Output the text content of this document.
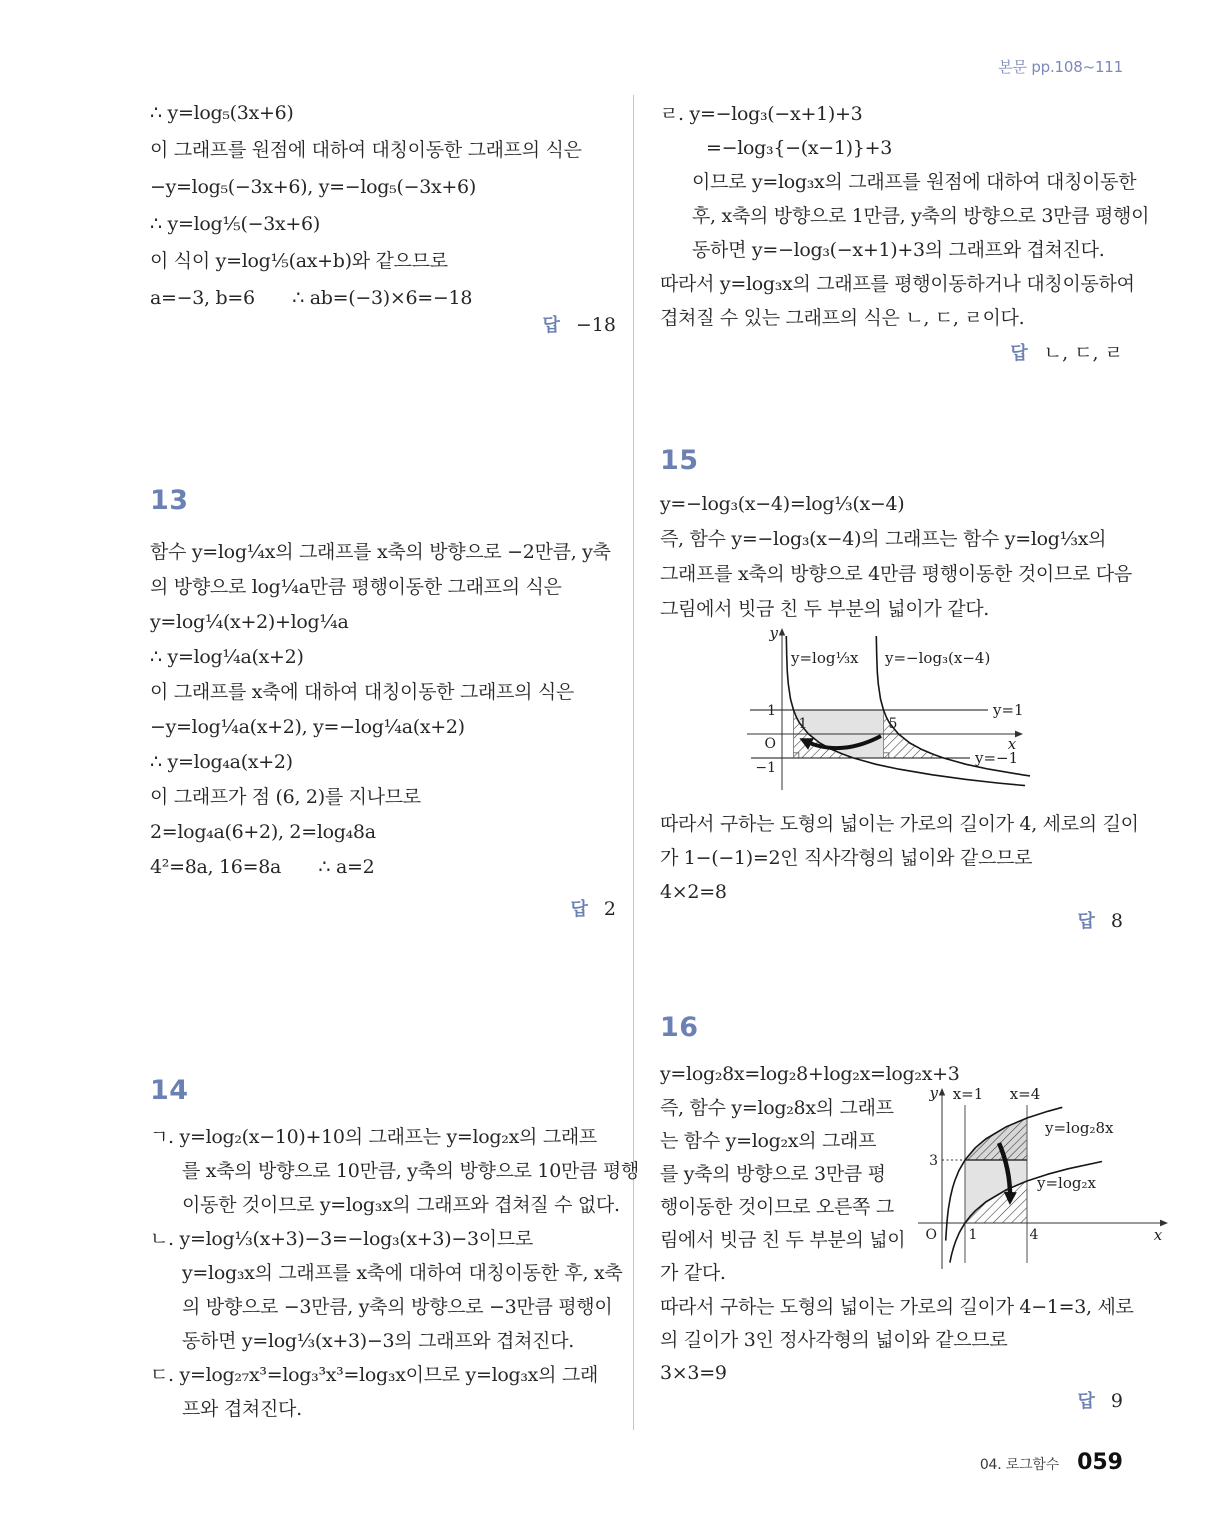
본문 pp.108~111
∴ y=log₅(3x+6)
이 그래프를 원점에 대하여 대칭이동한 그래프의 식은
−y=log₅(−3x+6), y=−log₅(−3x+6)
∴ y=log⅕(−3x+6)
이 식이 y=log⅕(ax+b)와 같으므로
a=−3, b=6  ∴ ab=(−3)×6=−18
답 −18
13
함수 y=log¼x의 그래프를 x축의 방향으로 −2만큼, y축
의 방향으로 log¼a만큼 평행이동한 그래프의 식은
y=log¼(x+2)+log¼a
∴ y=log¼a(x+2)
이 그래프를 x축에 대하여 대칭이동한 그래프의 식은
−y=log¼a(x+2), y=−log¼a(x+2)
∴ y=log₄a(x+2)
이 그래프가 점 (6, 2)를 지나므로
2=log₄a(6+2), 2=log₄8a
4²=8a, 16=8a  ∴ a=2
답 2
14
ㄱ. y=log₂(x−10)+10의 그래프는 y=log₂x의 그래프
를 x축의 방향으로 10만큼, y축의 방향으로 10만큼 평행
이동한 것이므로 y=log₃x의 그래프와 겹쳐질 수 없다.
ㄴ. y=log⅓(x+3)−3=−log₃(x+3)−3이므로
y=log₃x의 그래프를 x축에 대하여 대칭이동한 후, x축
의 방향으로 −3만큼, y축의 방향으로 −3만큼 평행이
동하면 y=log⅓(x+3)−3의 그래프와 겹쳐진다.
ㄷ. y=log₂₇x³=log₃³x³=log₃x이므로 y=log₃x의 그래
프와 겹쳐진다.
ㄹ. y=−log₃(−x+1)+3
=−log₃{−(x−1)}+3
이므로 y=log₃x의 그래프를 원점에 대하여 대칭이동한
후, x축의 방향으로 1만큼, y축의 방향으로 3만큼 평행이
동하면 y=−log₃(−x+1)+3의 그래프와 겹쳐진다.
따라서 y=log₃x의 그래프를 평행이동하거나 대칭이동하여
겹쳐질 수 있는 그래프의 식은 ㄴ, ㄷ, ㄹ이다.
답 ㄴ, ㄷ, ㄹ
15
y=−log₃(x−4)=log⅓(x−4)
즉, 함수 y=−log₃(x−4)의 그래프는 함수 y=log⅓x의
그래프를 x축의 방향으로 4만큼 평행이동한 것이므로 다음
그림에서 빗금 친 두 부분의 넓이가 같다.
y
x
y=log⅓x y=−log₃(x−4)
y=1
y=−1
1
O
−1
1	5
따라서 구하는 도형의 넓이는 가로의 길이가 4, 세로의 길이
가 1−(−1)=2인 직사각형의 넓이와 같으므로
4×2=8
답 8
16
y=log₂8x=log₂8+log₂x=log₂x+3
즉, 함수 y=log₂8x의 그래프
는 함수 y=log₂x의 그래프
를 y축의 방향으로 3만큼 평
행이동한 것이므로 오른쪽 그
림에서 빗금 친 두 부분의 넓이
가 같다.
y
x
x=1 x=4
y=log₂8x
y=log₂x
3
O 1	4
따라서 구하는 도형의 넓이는 가로의 길이가 4−1=3, 세로
의 길이가 3인 정사각형의 넓이와 같으므로
3×3=9
답 9
04. 로그함수 059
